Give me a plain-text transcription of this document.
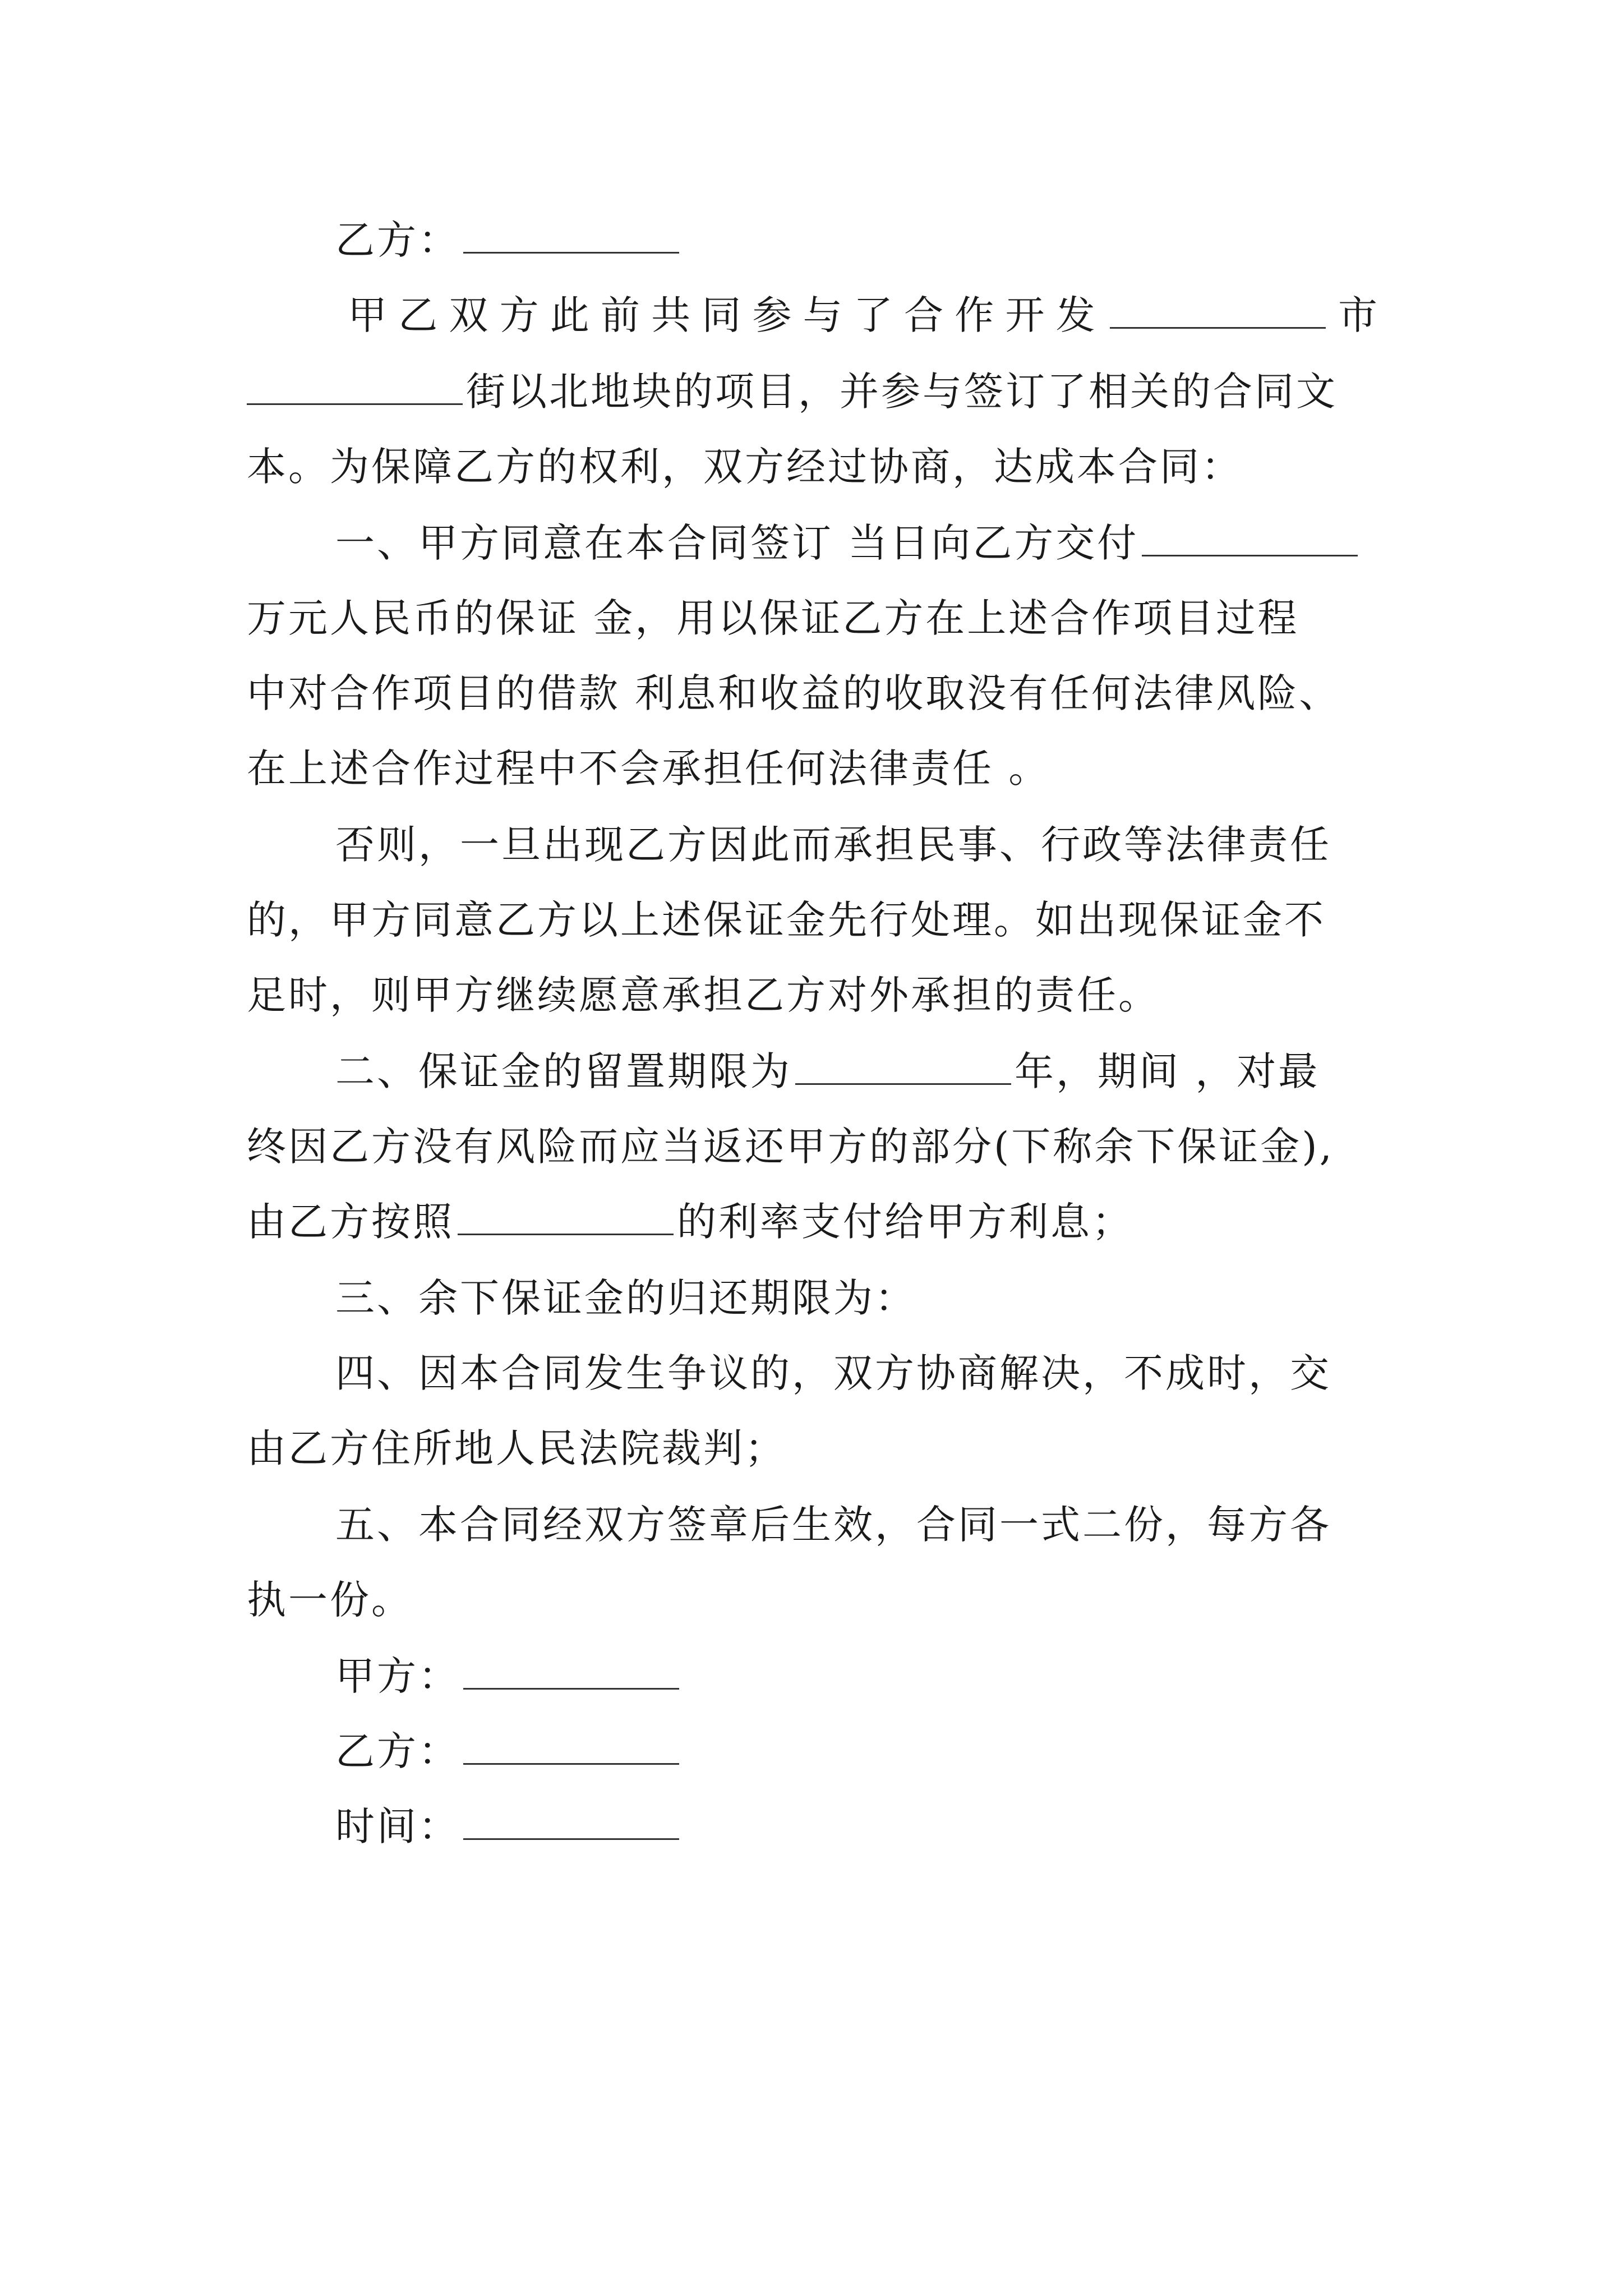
乙方：
甲 乙 双 方 此 前 共 同 参 与 了 合 作 开 发	市
街以北地块的项目，并参与签订了相关的合同文
本。为保障乙方的权利，双方经过协商，达成本合同：
一、甲方同意在本合同签订 当日向乙方交付
万元人民币的保证 金，用以保证乙方在上述合作项目过程
中对合作项目的借款 利息和收益的收取没有任何法律风险、
在上述合作过程中不会承担任何法律责任 。
否则，一旦出现乙方因此而承担民事、行政等法律责任
的，甲方同意乙方以上述保证金先行处理。如出现保证金不
足时，则甲方继续愿意承担乙方对外承担的责任。
二、保证金的留置期限为	年，期间 ，对最
终因乙方没有风险而应当返还甲方的部分(下称余下保证金),
由乙方按照	的利率支付给甲方利息；
三、余下保证金的归还期限为：
四、因本合同发生争议的，双方协商解决，不成时，交
由乙方住所地人民法院裁判；
五、本合同经双方签章后生效，合同一式二份，每方各
执一份。
甲方：
乙方：
时间：
